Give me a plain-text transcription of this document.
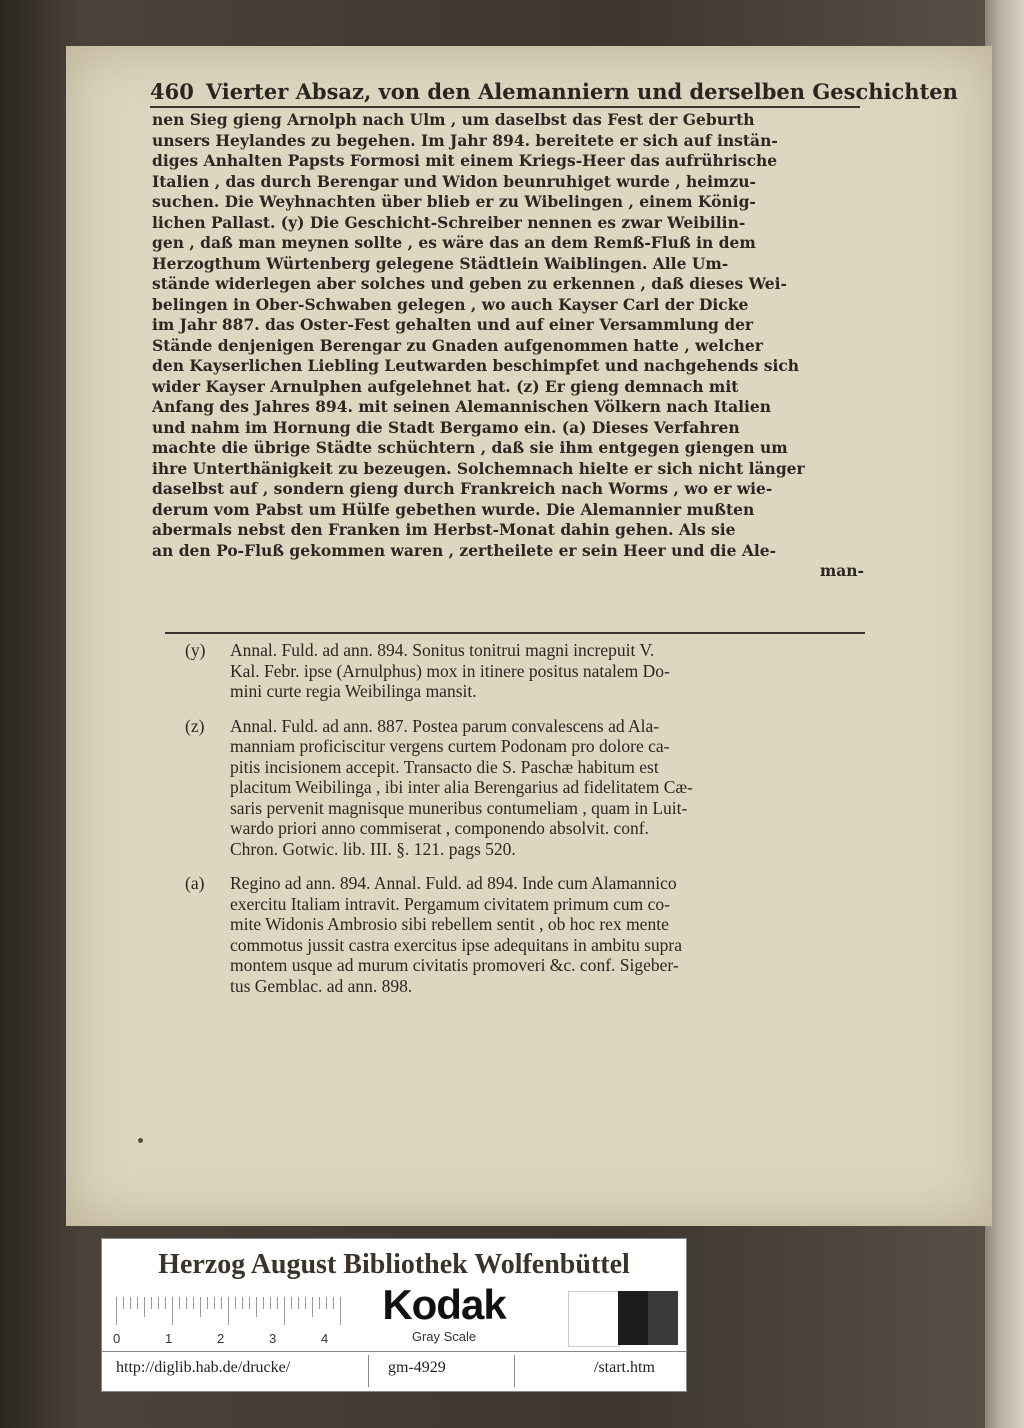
460 Vierter Absaz, von den Alemanniern und derselben Geschichten
nen Sieg gieng Arnolph nach Ulm , um daselbst das Fest der Geburth
unsers Heylandes zu begehen. Im Jahr 894. bereitete er sich auf instän-
diges Anhalten Papsts Formosi mit einem Kriegs-Heer das aufrührische
Italien , das durch Berengar und Widon beunruhiget wurde , heimzu-
suchen. Die Weyhnachten über blieb er zu Wibelingen , einem König-
lichen Pallast. (y) Die Geschicht-Schreiber nennen es zwar Weibilin-
gen , daß man meynen sollte , es wäre das an dem Remß-Fluß in dem
Herzogthum Würtenberg gelegene Städtlein Waiblingen. Alle Um-
stände widerlegen aber solches und geben zu erkennen , daß dieses Wei-
belingen in Ober-Schwaben gelegen , wo auch Kayser Carl der Dicke
im Jahr 887. das Oster-Fest gehalten und auf einer Versammlung der
Stände denjenigen Berengar zu Gnaden aufgenommen hatte , welcher
den Kayserlichen Liebling Leutwarden beschimpfet und nachgehends sich
wider Kayser Arnulphen aufgelehnet hat. (z) Er gieng demnach mit
Anfang des Jahres 894. mit seinen Alemannischen Völkern nach Italien
und nahm im Hornung die Stadt Bergamo ein. (a) Dieses Verfahren
machte die übrige Städte schüchtern , daß sie ihm entgegen giengen um
ihre Unterthänigkeit zu bezeugen. Solchemnach hielte er sich nicht länger
daselbst auf , sondern gieng durch Frankreich nach Worms , wo er wie-
derum vom Pabst um Hülfe gebethen wurde. Die Alemannier mußten
abermals nebst den Franken im Herbst-Monat dahin gehen. Als sie
an den Po-Fluß gekommen waren , zertheilete er sein Heer und die Ale-
man-
(y)	Annal. Fuld. ad ann. 894. Sonitus tonitrui magni increpuit V.
Kal. Febr. ipse (Arnulphus) mox in itinere positus natalem Do-
mini curte regia Weibilinga mansit.
(z)	Annal. Fuld. ad ann. 887. Postea parum convalescens ad Ala-
manniam proficiscitur vergens curtem Podonam pro dolore ca-
pitis incisionem accepit. Transacto die S. Paschæ habitum est
placitum Weibilinga , ibi inter alia Berengarius ad fidelitatem Cæ-
saris pervenit magnisque muneribus contumeliam , quam in Luit-
wardo priori anno commiserat , componendo absolvit. conf.
Chron. Gotwic. lib. III. §. 121. pags 520.
(a)	Regino ad ann. 894. Annal. Fuld. ad 894. Inde cum Alamannico
exercitu Italiam intravit. Pergamum civitatem primum cum co-
mite Widonis Ambrosio sibi rebellem sentit , ob hoc rex mente
commotus jussit castra exercitus ipse adequitans in ambitu supra
montem usque ad murum civitatis promoveri &c. conf. Sigeber-
tus Gemblac. ad ann. 898.
Herzog August Bibliothek Wolfenbüttel
0	1	2	3	4
Kodak
Gray Scale
http://diglib.hab.de/drucke/	gm-4929	/start.htm
